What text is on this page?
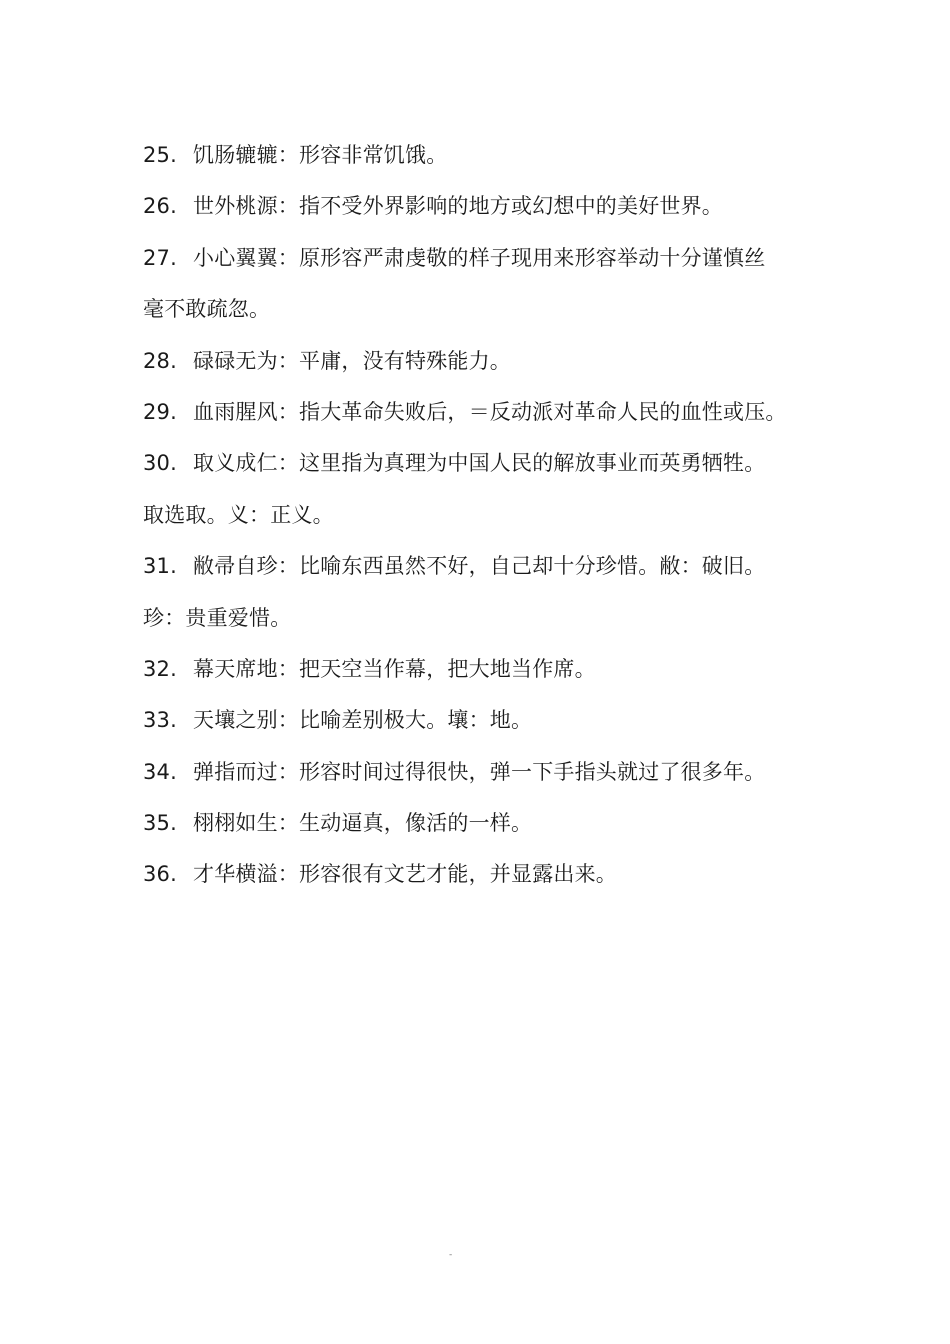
25. 饥肠辘辘：形容非常饥饿。
26. 世外桃源：指不受外界影响的地方或幻想中的美好世界。
27. 小心翼翼：原形容严肃虔敬的样子现用来形容举动十分谨慎丝
毫不敢疏忽。
28. 碌碌无为：平庸，没有特殊能力。
29. 血雨腥风：指大革命失败后，＝反动派对革命人民的血性或压。
30. 取义成仁：这里指为真理为中国人民的解放事业而英勇牺牲。
取选取。义：正义。
31. 敝帚自珍：比喻东西虽然不好，自己却十分珍惜。敝：破旧。
珍：贵重爱惜。
32. 幕天席地：把天空当作幕，把大地当作席。
33. 天壤之别：比喻差别极大。壤：地。
34. 弹指而过：形容时间过得很快，弹一下手指头就过了很多年。
35. 栩栩如生：生动逼真，像活的一样。
36. 才华横溢：形容很有文艺才能，并显露出来。
-
